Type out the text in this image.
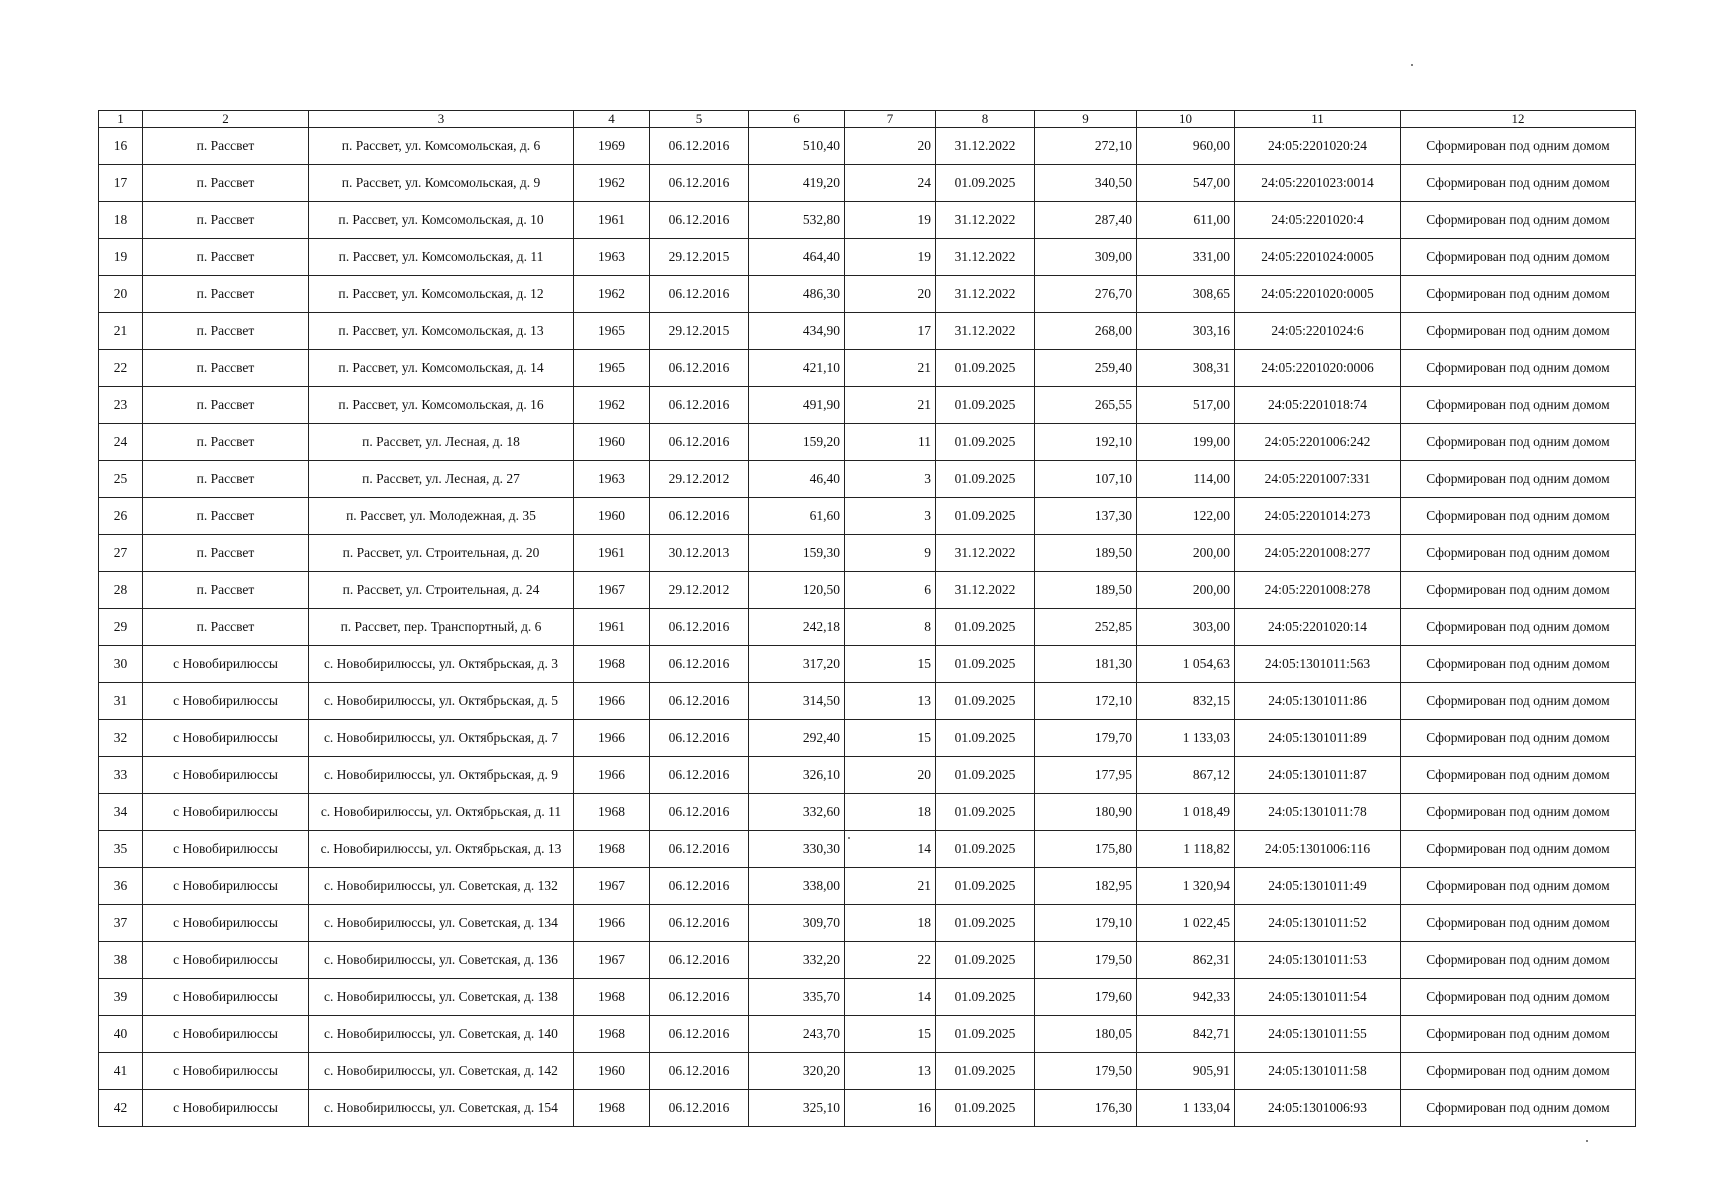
1	2	3	4	5	6	7	8	9	10	11	12
16	п. Рассвет	п. Рассвет, ул. Комсомольская, д. 6	1969	06.12.2016	510,40	20	31.12.2022	272,10	960,00	24:05:2201020:24	Сформирован под одним домом
17	п. Рассвет	п. Рассвет, ул. Комсомольская, д. 9	1962	06.12.2016	419,20	24	01.09.2025	340,50	547,00	24:05:2201023:0014	Сформирован под одним домом
18	п. Рассвет	п. Рассвет, ул. Комсомольская, д. 10	1961	06.12.2016	532,80	19	31.12.2022	287,40	611,00	24:05:2201020:4	Сформирован под одним домом
19	п. Рассвет	п. Рассвет, ул. Комсомольская, д. 11	1963	29.12.2015	464,40	19	31.12.2022	309,00	331,00	24:05:2201024:0005	Сформирован под одним домом
20	п. Рассвет	п. Рассвет, ул. Комсомольская, д. 12	1962	06.12.2016	486,30	20	31.12.2022	276,70	308,65	24:05:2201020:0005	Сформирован под одним домом
21	п. Рассвет	п. Рассвет, ул. Комсомольская, д. 13	1965	29.12.2015	434,90	17	31.12.2022	268,00	303,16	24:05:2201024:6	Сформирован под одним домом
22	п. Рассвет	п. Рассвет, ул. Комсомольская, д. 14	1965	06.12.2016	421,10	21	01.09.2025	259,40	308,31	24:05:2201020:0006	Сформирован под одним домом
23	п. Рассвет	п. Рассвет, ул. Комсомольская, д. 16	1962	06.12.2016	491,90	21	01.09.2025	265,55	517,00	24:05:2201018:74	Сформирован под одним домом
24	п. Рассвет	п. Рассвет, ул. Лесная, д. 18	1960	06.12.2016	159,20	11	01.09.2025	192,10	199,00	24:05:2201006:242	Сформирован под одним домом
25	п. Рассвет	п. Рассвет, ул. Лесная, д. 27	1963	29.12.2012	46,40	3	01.09.2025	107,10	114,00	24:05:2201007:331	Сформирован под одним домом
26	п. Рассвет	п. Рассвет, ул. Молодежная, д. 35	1960	06.12.2016	61,60	3	01.09.2025	137,30	122,00	24:05:2201014:273	Сформирован под одним домом
27	п. Рассвет	п. Рассвет, ул. Строительная, д. 20	1961	30.12.2013	159,30	9	31.12.2022	189,50	200,00	24:05:2201008:277	Сформирован под одним домом
28	п. Рассвет	п. Рассвет, ул. Строительная, д. 24	1967	29.12.2012	120,50	6	31.12.2022	189,50	200,00	24:05:2201008:278	Сформирован под одним домом
29	п. Рассвет	п. Рассвет, пер. Транспортный, д. 6	1961	06.12.2016	242,18	8	01.09.2025	252,85	303,00	24:05:2201020:14	Сформирован под одним домом
30	с Новобирилюссы	с. Новобирилюссы, ул. Октябрьская, д. 3	1968	06.12.2016	317,20	15	01.09.2025	181,30	1 054,63	24:05:1301011:563	Сформирован под одним домом
31	с Новобирилюссы	с. Новобирилюссы, ул. Октябрьская, д. 5	1966	06.12.2016	314,50	13	01.09.2025	172,10	832,15	24:05:1301011:86	Сформирован под одним домом
32	с Новобирилюссы	с. Новобирилюссы, ул. Октябрьская, д. 7	1966	06.12.2016	292,40	15	01.09.2025	179,70	1 133,03	24:05:1301011:89	Сформирован под одним домом
33	с Новобирилюссы	с. Новобирилюссы, ул. Октябрьская, д. 9	1966	06.12.2016	326,10	20	01.09.2025	177,95	867,12	24:05:1301011:87	Сформирован под одним домом
34	с Новобирилюссы	с. Новобирилюссы, ул. Октябрьская, д. 11	1968	06.12.2016	332,60	18	01.09.2025	180,90	1 018,49	24:05:1301011:78	Сформирован под одним домом
35	с Новобирилюссы	с. Новобирилюссы, ул. Октябрьская, д. 13	1968	06.12.2016	330,30	14	01.09.2025	175,80	1 118,82	24:05:1301006:116	Сформирован под одним домом
36	с Новобирилюссы	с. Новобирилюссы, ул. Советская, д. 132	1967	06.12.2016	338,00	21	01.09.2025	182,95	1 320,94	24:05:1301011:49	Сформирован под одним домом
37	с Новобирилюссы	с. Новобирилюссы, ул. Советская, д. 134	1966	06.12.2016	309,70	18	01.09.2025	179,10	1 022,45	24:05:1301011:52	Сформирован под одним домом
38	с Новобирилюссы	с. Новобирилюссы, ул. Советская, д. 136	1967	06.12.2016	332,20	22	01.09.2025	179,50	862,31	24:05:1301011:53	Сформирован под одним домом
39	с Новобирилюссы	с. Новобирилюссы, ул. Советская, д. 138	1968	06.12.2016	335,70	14	01.09.2025	179,60	942,33	24:05:1301011:54	Сформирован под одним домом
40	с Новобирилюссы	с. Новобирилюссы, ул. Советская, д. 140	1968	06.12.2016	243,70	15	01.09.2025	180,05	842,71	24:05:1301011:55	Сформирован под одним домом
41	с Новобирилюссы	с. Новобирилюссы, ул. Советская, д. 142	1960	06.12.2016	320,20	13	01.09.2025	179,50	905,91	24:05:1301011:58	Сформирован под одним домом
42	с Новобирилюссы	с. Новобирилюссы, ул. Советская, д. 154	1968	06.12.2016	325,10	16	01.09.2025	176,30	1 133,04	24:05:1301006:93	Сформирован под одним домом
